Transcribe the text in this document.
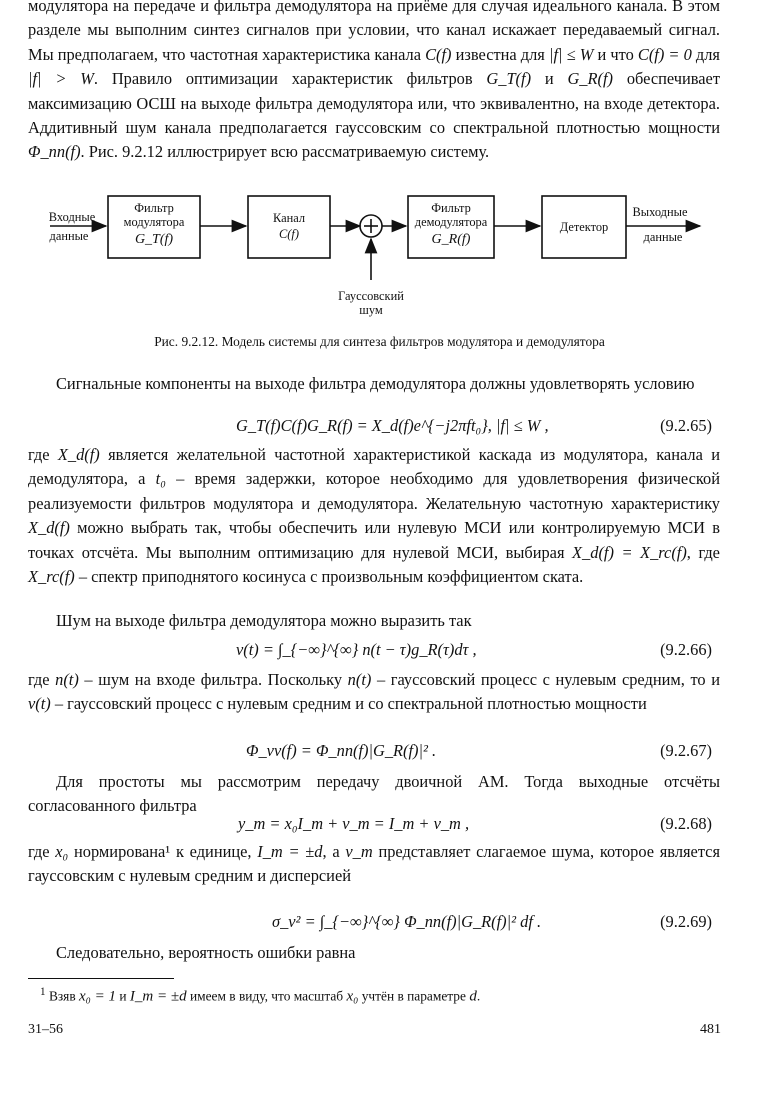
модулятора на передаче и фильтра демодулятора на приёме для случая идеального канала. В этом разделе мы выполним синтез сигналов при условии, что канал искажает передаваемый сигнал. Мы предполагаем, что частотная характеристика канала C(f) известна для |f| ≤ W и что C(f) = 0 для |f| > W. Правило оптимизации характеристик фильтров G_T(f) и G_R(f) обеспечивает максимизацию ОСШ на выходе фильтра демодулятора или, что эквивалентно, на входе детектора. Аддитивный шум канала предполагается гауссовским со спектральной плотностью мощности Φ_nn(f). Рис. 9.2.12 иллюстрирует всю рассматриваемую систему.
Входные
данные
Фильтр
модулятора
G_T(f)
Канал
C(f)
Фильтр
демодулятора
G_R(f)
Детектор
Выходные
данные
Гауссовский
шум
Рис. 9.2.12. Модель системы для синтеза фильтров модулятора и демодулятора
Сигнальные компоненты на выходе фильтра демодулятора должны удовлетворять условию
G_T(f)C(f)G_R(f) = X_d(f)e^{−j2πft₀}, |f| ≤ W ,	(9.2.65)
где X_d(f) является желательной частотной характеристикой каскада из модулятора, канала и демодулятора, а t₀ – время задержки, которое необходимо для удовлетворения физической реализуемости фильтров модулятора и демодулятора. Желательную частотную характеристику X_d(f) можно выбрать так, чтобы обеспечить или нулевую МСИ или контролируемую МСИ в точках отсчёта. Мы выполним оптимизацию для нулевой МСИ, выбирая X_d(f) = X_rc(f), где X_rc(f) – спектр приподнятого косинуса с произвольным коэффициентом ската.
Шум на выходе фильтра демодулятора можно выразить так
v(t) = ∫_{−∞}^{∞} n(t − τ)g_R(τ)dτ ,	(9.2.66)
где n(t) – шум на входе фильтра. Поскольку n(t) – гауссовский процесс с нулевым средним, то и v(t) – гауссовский процесс с нулевым средним и со спектральной плотностью мощности
Φ_vv(f) = Φ_nn(f)|G_R(f)|² .	(9.2.67)
Для простоты мы рассмотрим передачу двоичной АМ. Тогда выходные отсчёты согласованного фильтра
y_m = x₀I_m + v_m = I_m + v_m ,	(9.2.68)
где x₀ нормирована¹ к единице, I_m = ±d, а v_m представляет слагаемое шума, которое является гауссовским с нулевым средним и дисперсией
σ_v² = ∫_{−∞}^{∞} Φ_nn(f)|G_R(f)|² df .	(9.2.69)
Следовательно, вероятность ошибки равна
$^1$ Взяв x₀ = 1 и I_m = ±d имеем в виду, что масштаб x₀ учтён в параметре d.
31–56	481
